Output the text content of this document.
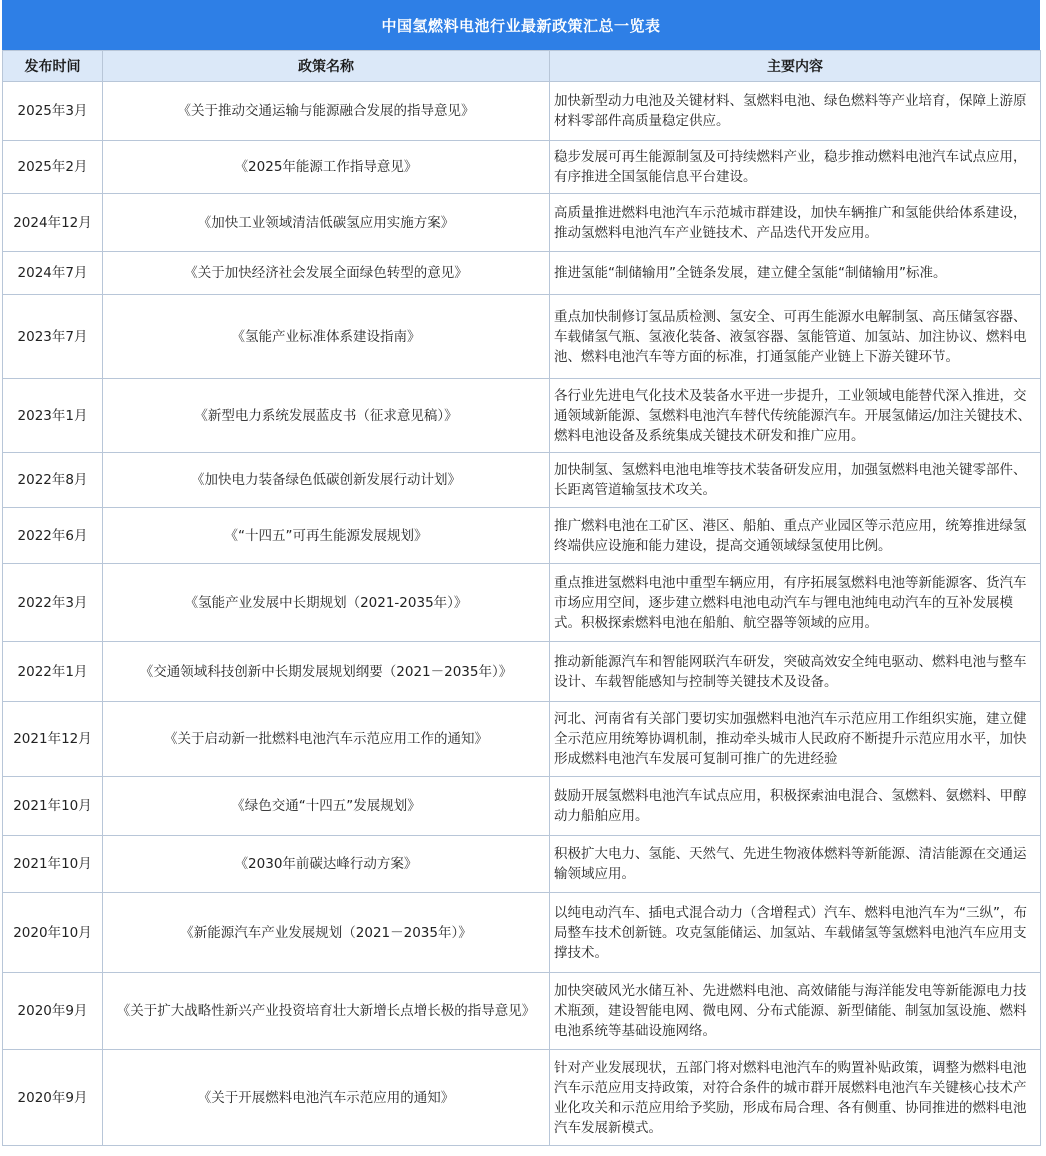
中国氢燃料电池行业最新政策汇总一览表
发布时间	政策名称	主要内容
2025年3月	《关于推动交通运输与能源融合发展的指导意见》	加快新型动力电池及关键材料、氢燃料电池、绿色燃料等产业培育，保障上游原材料零部件高质量稳定供应。
2025年2月	《2025年能源工作指导意见》	稳步发展可再生能源制氢及可持续燃料产业，稳步推动燃料电池汽车试点应用，有序推进全国氢能信息平台建设。
2024年12月	《加快工业领域清洁低碳氢应用实施方案》	高质量推进燃料电池汽车示范城市群建设，加快车辆推广和氢能供给体系建设，推动氢燃料电池汽车产业链技术、产品迭代开发应用。
2024年7月	《关于加快经济社会发展全面绿色转型的意见》	推进氢能“制储输用”全链条发展，建立健全氢能“制储输用”标准。
2023年7月	《氢能产业标准体系建设指南》	重点加快制修订氢品质检测、氢安全、可再生能源水电解制氢、高压储氢容器、车载储氢气瓶、氢液化装备、液氢容器、氢能管道、加氢站、加注协议、燃料电池、燃料电池汽车等方面的标准，打通氢能产业链上下游关键环节。
2023年1月	《新型电力系统发展蓝皮书（征求意见稿）》	各行业先进电气化技术及装备水平进一步提升，工业领域电能替代深入推进，交通领域新能源、氢燃料电池汽车替代传统能源汽车。开展氢储运/加注关键技术、燃料电池设备及系统集成关键技术研发和推广应用。
2022年8月	《加快电力装备绿色低碳创新发展行动计划》	加快制氢、氢燃料电池电堆等技术装备研发应用，加强氢燃料电池关键零部件、长距离管道输氢技术攻关。
2022年6月	《“十四五”可再生能源发展规划》	推广燃料电池在工矿区、港区、船舶、重点产业园区等示范应用，统筹推进绿氢终端供应设施和能力建设，提高交通领域绿氢使用比例。
2022年3月	《氢能产业发展中长期规划（2021-2035年）》	重点推进氢燃料电池中重型车辆应用，有序拓展氢燃料电池等新能源客、货汽车市场应用空间，逐步建立燃料电池电动汽车与锂电池纯电动汽车的互补发展模式。积极探索燃料电池在船舶、航空器等领域的应用。
2022年1月	《交通领域科技创新中长期发展规划纲要（2021－2035年）》	推动新能源汽车和智能网联汽车研发，突破高效安全纯电驱动、燃料电池与整车设计、车载智能感知与控制等关键技术及设备。
2021年12月	《关于启动新一批燃料电池汽车示范应用工作的通知》	河北、河南省有关部门要切实加强燃料电池汽车示范应用工作组织实施，建立健全示范应用统筹协调机制，推动牵头城市人民政府不断提升示范应用水平，加快形成燃料电池汽车发展可复制可推广的先进经验
2021年10月	《绿色交通“十四五”发展规划》	鼓励开展氢燃料电池汽车试点应用，积极探索油电混合、氢燃料、氨燃料、甲醇动力船舶应用。
2021年10月	《2030年前碳达峰行动方案》	积极扩大电力、氢能、天然气、先进生物液体燃料等新能源、清洁能源在交通运输领域应用。
2020年10月	《新能源汽车产业发展规划（2021－2035年）》	以纯电动汽车、插电式混合动力（含增程式）汽车、燃料电池汽车为“三纵”，布局整车技术创新链。攻克氢能储运、加氢站、车载储氢等氢燃料电池汽车应用支撑技术。
2020年9月	《关于扩大战略性新兴产业投资培育壮大新增长点增长极的指导意见》	加快突破风光水储互补、先进燃料电池、高效储能与海洋能发电等新能源电力技术瓶颈，建设智能电网、微电网、分布式能源、新型储能、制氢加氢设施、燃料电池系统等基础设施网络。
2020年9月	《关于开展燃料电池汽车示范应用的通知》	针对产业发展现状，五部门将对燃料电池汽车的购置补贴政策，调整为燃料电池汽车示范应用支持政策，对符合条件的城市群开展燃料电池汽车关键核心技术产业化攻关和示范应用给予奖励，形成布局合理、各有侧重、协同推进的燃料电池汽车发展新模式。
